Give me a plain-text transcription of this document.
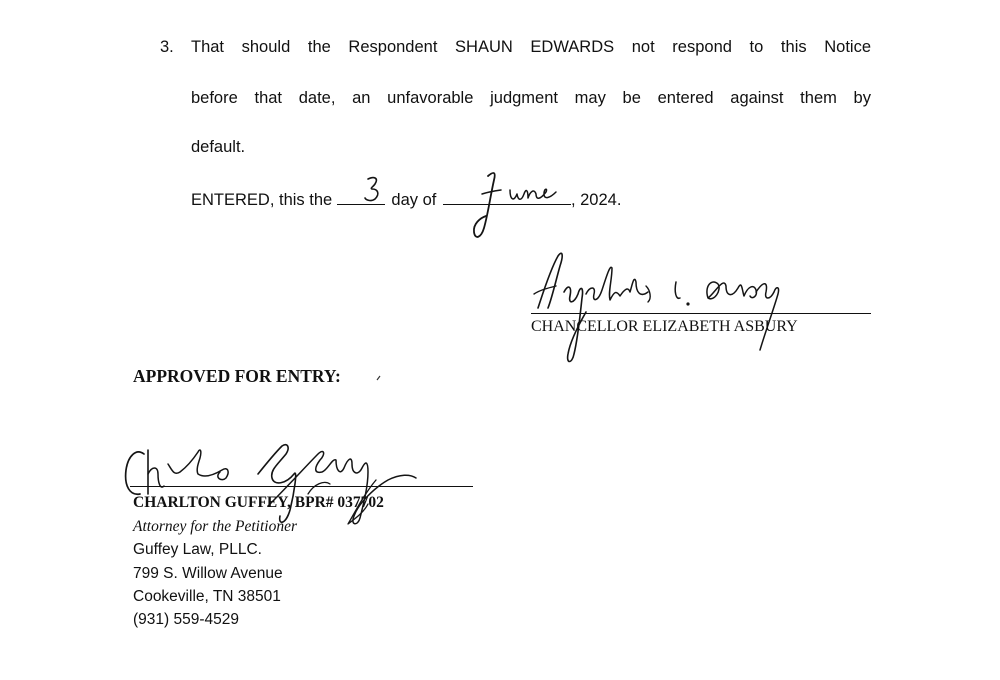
3. That should the Respondent SHAUN EDWARDS not respond to this Notice
before that date, an unfavorable judgment may be entered against them by
default.
ENTERED, this the	day of	, 2024.
CHANCELLOR ELIZABETH ASBURY
APPROVED FOR ENTRY:
CHARLTON GUFFEY, BPR# 037702
Attorney for the Petitioner
Guffey Law, PLLC.
799 S. Willow Avenue
Cookeville, TN 38501
(931) 559-4529
